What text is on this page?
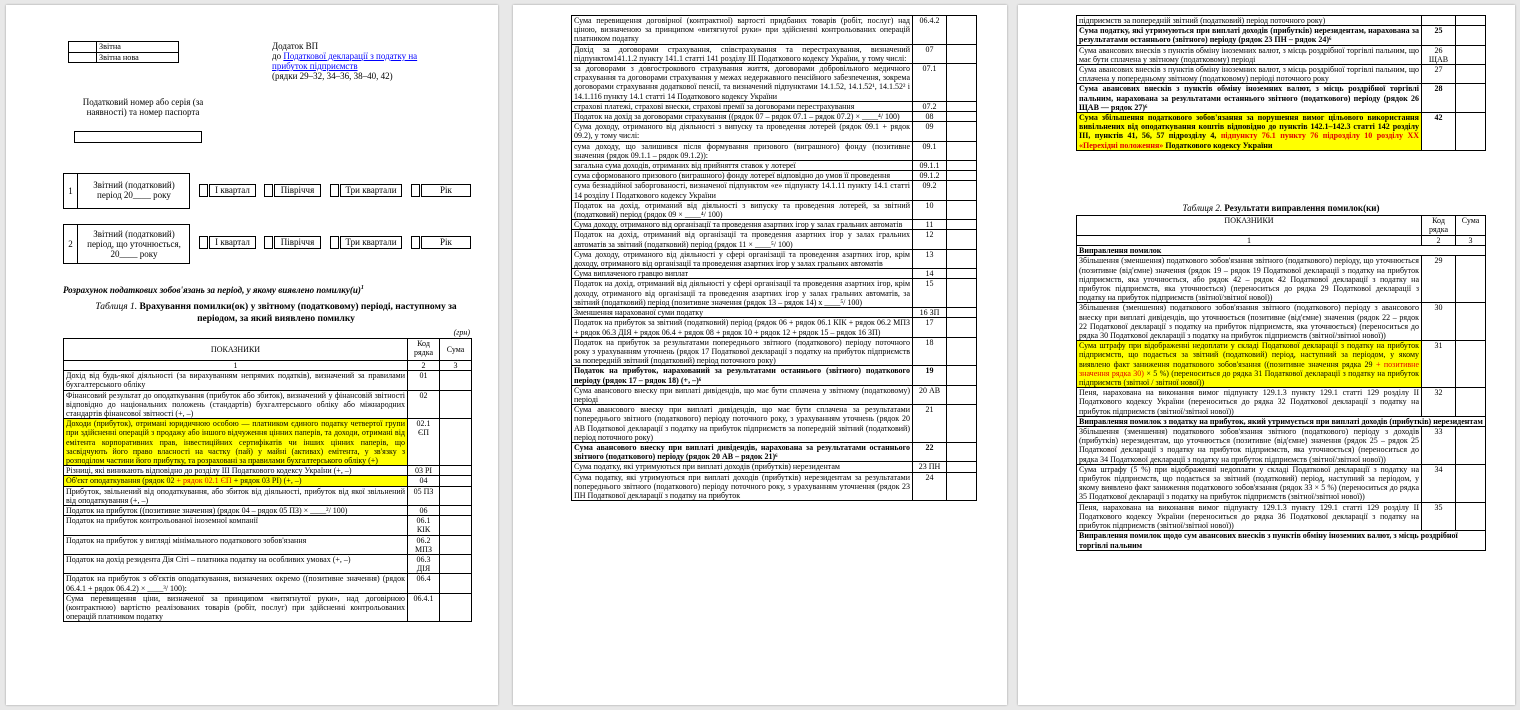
	Звітна
	Звітна нова
Додаток ВП
до Податкової декларації з податку на прибуток підприємств
(рядки 29–32, 34–36, 38–40, 42)
Податковий номер або серія (за наявності) та номер паспорта
1
Звітний (податковий) період 20____ року	І квартал	Півріччя	Три квартали	Рік
2
Звітний (податковий) період, що уточнюється, 20____ року
І квартал	Півріччя	Три квартали	Рік
Розрахунок податкових зобов'язань за період, у якому виявлено $помилку(и)^1$
Таблиця 1. Врахування помилки(ок) у звітному (податковому) періоді, наступному за періодом, за який виявлено помилку
(грн)
ПОКАЗНИКИ	Код рядка	Сума
1	2	3
Дохід від будь-якої діяльності (за вирахуванням непрямих податків), визначений за правилами бухгалтерського обліку	01	
Фінансовий результат до оподаткування (прибуток або збиток), визначений у фінансовій звітності відповідно до національних положень (стандартів) бухгалтерського обліку або міжнародних стандартів фінансової звітності (+, –)	02	
Доходи (прибуток), отримані юридичною особою — платником єдиного податку четвертої групи при здійсненні операцій з продажу або іншого відчуження цінних паперів, та доходи, отримані від емітента корпоративних прав, інвестиційних сертифікатів чи інших цінних паперів, що засвідчують його право власності на частку (пай) у майні (активах) емітента, у зв'язку з розподілом частини його прибутку, та розраховані за правилами бухгалтерського обліку (+)	02.1 ЄП	
Різниці, які виникають відповідно до розділу ІІІ Податкового кодексу України (+, –)	03 РІ	
Об'єкт оподаткування (рядок 02 + рядок 02.1 ЄП + рядок 03 РІ) (+, –)	04	
Прибуток, звільнений від оподаткування, або збиток від діяльності, прибуток від якої звільнений від оподаткування (+, –)	05 ПЗ	
Податок на прибуток ((позитивне значення) (рядок 04 – рядок 05 ПЗ) × ____²/ 100)	06	
Податок на прибуток контрольованої іноземної компанії	06.1 КІК	
Податок на прибуток у вигляді мінімального податкового зобов'язання	06.2 МПЗ	
Податок на дохід резидента Дія Сіті – платника податку на особливих умовах (+, –)	06.3 ДІЯ	
Податок на прибуток з об'єктів оподаткування, визначених окремо ((позитивне значення) (рядок 06.4.1 + рядок 06.4.2) × ____³/ 100):	06.4	
Сума перевищення ціни, визначеної за принципом «витягнутої руки», над договірною (контрактною) вартістю реалізованих товарів (робіт, послуг) при здійсненні контрольованих операцій платником податку	06.4.1	
Сума перевищення договірної (контрактної) вартості придбаних товарів (робіт, послуг) над ціною, визначеною за принципом «витягнутої руки» при здійсненні контрольованих операцій платником податку	06.4.2	
Дохід за договорами страхування, співстрахування та перестрахування, визначений підпунктом141.1.2 пункту 141.1 статті 141 розділу ІІІ Податкового кодексу України, у тому числі:	07	
за договорами з довгострокового страхування життя, договорами добровільного медичного страхування та договорами страхування у межах недержавного пенсійного забезпечення, зокрема договорами страхування додаткової пенсії, та визначений підпунктами 14.1.52, 14.1.52¹, 14.1.52² і 14.1.116 пункту 14.1 статті 14 Податкового кодексу України	07.1	
страхові платежі, страхові внески, страхові премії за договорами перестрахування	07.2	
Податок на дохід за договорами страхування ((рядок 07 – рядок 07.1 – рядок 07.2) × ____⁴/ 100)	08	
Сума доходу, отриманого від діяльності з випуску та проведення лотерей (рядок 09.1 + рядок 09.2), у тому числі:	09	
сума доходу, що залишився після формування призового (виграшного) фонду (позитивне значення (рядок 09.1.1 – рядок 09.1.2)):	09.1	
загальна сума доходів, отриманих від прийняття ставок у лотереї	09.1.1	
сума сформованого призового (виграшного) фонду лотереї відповідно до умов її проведення	09.1.2	
сума безнадійної заборгованості, визначеної підпунктом «е» підпункту 14.1.11 пункту 14.1 статті 14 розділу І Податкового кодексу України	09.2	
Податок на дохід, отриманий від діяльності з випуску та проведення лотерей, за звітний (податковий) період (рядок 09 × ____⁴/ 100)	10	
Сума доходу, отриманого від організації та проведення азартних ігор у залах гральних автоматів	11	
Податок на дохід, отриманий від організації та проведення азартних ігор у залах гральних автоматів за звітний (податковий) період (рядок 11 × ____⁵/ 100)	12	
Сума доходу, отриманого від діяльності у сфері організації та проведення азартних ігор, крім доходу, отриманого від організації та проведення азартних ігор у залах гральних автоматів	13	
Сума виплаченого гравцю виплат	14	
Податок на дохід, отриманий від діяльності у сфері організації та проведення азартних ігор, крім доходу, отриманого від організації та проведення азартних ігор у залах гральних автоматів, за звітний (податковий) період (позитивне значення (рядок 13 – рядок 14) х ____⁵/ 100)	15	
Зменшення нарахованої суми податку	16 ЗП	
Податок на прибуток за звітний (податковий) період (рядок 06 + рядок 06.1 КІК + рядок 06.2 МПЗ + рядок 06.3 ДІЯ + рядок 06.4 + рядок 08 + рядок 10 + рядок 12 + рядок 15 – рядок 16 ЗП)	17	
Податок на прибуток за результатами попереднього звітного (податкового) періоду поточного року з урахуванням уточнень (рядок 17 Податкової декларації з податку на прибуток підприємств за попередній звітний (податковий) період поточного року)	18	
Податок на прибуток, нарахований за результатами останнього (звітного) податкового періоду (рядок 17 – рядок 18) (+, –)⁶	19	
Сума авансового внеску при виплаті дивідендів, що має бути сплачена у звітному (податковому) періоді	20 АВ	
Сума авансового внеску при виплаті дивідендів, що має бути сплачена за результатами попереднього звітного (податкового) періоду поточного року, з урахуванням уточнень (рядок 20 АВ Податкової декларації з податку на прибуток підприємств за попередній звітний (податковий) період поточного року)	21	
Сума авансового внеску при виплаті дивідендів, нарахована за результатами останнього звітного (податкового) періоду (рядок 20 АВ – рядок 21)⁶	22	
Сума податку, які утримуються при виплаті доходів (прибутків) нерезидентам	23 ПН	
Сума податку, які утримуються при виплаті доходів (прибутків) нерезидентам за результатами попереднього звітного (податкового) періоду поточного року, з урахуванням уточнення (рядок 23 ПН Податкової декларації з податку на прибуток	24	
підприємств за попередній звітний (податковий) період поточного року)		
Сума податку, які утримуються при виплаті доходів (прибутків) нерезидентам, нарахована за результатами останнього (звітного) періоду (рядок 23 ПН – рядок 24)⁶	25	
Сума авансових внесків з пунктів обміну іноземних валют, з місць роздрібної торгівлі пальним, що має бути сплачена у звітному (податковому) періоді	26 ЩАВ	
Сума авансових внесків з пунктів обміну іноземних валют, з місць роздрібної торгівлі пальним, що сплачена у попередньому звітному (податковому) періоді поточного року	27	
Сума авансових внесків з пунктів обміну іноземних валют, з місць роздрібної торгівлі пальним, нарахована за результатами останнього звітного (податкового) періоду (рядок 26 ЩАВ — рядок 27)⁶	28	
Сума збільшення податкового зобов'язання за порушення вимог цільового використання вивільнених від оподаткування коштів відповідно до пунктів 142.1–142.3 статті 142 розділу ІІІ, пунктів 41, 56, 57 підрозділу 4, підпункту 76.1 пункту 76 підрозділу 10 розділу XX «Перехідні положення» Податкового кодексу України	42	
Таблиця 2. Результати виправлення помилок(ки)
ПОКАЗНИКИ	Код рядка	Сума
1	2	3
Виправлення помилок		
Збільшення (зменшення) податкового зобов'язання звітного (податкового) періоду, що уточнюється (позитивне (від'ємне) значення (рядок 19 – рядок 19 Податкової декларації з податку на прибуток підприємств, яка уточнюється, або рядок 42 – рядок 42 Податкової декларації з податку на прибуток підприємств, яка уточнюється) (переноситься до рядка 29 Податкової декларації з податку на прибуток підприємств (звітної/звітної нової))	29	
Збільшення (зменшення) податкового зобов'язання звітного (податкового) періоду з авансового внеску при виплаті дивідендів, що уточнюється (позитивне (від'ємне) значення (рядок 22 – рядок 22 Податкової декларації з податку на прибуток підприємств, яка уточнюється) (переноситься до рядка 30 Податкової декларації з податку на прибуток підприємств (звітної/звітної нової))	30	
Сума штрафу при відображенні недоплати у складі Податкової декларації з податку на прибуток підприємств, що подається за звітний (податковий) період, наступний за періодом, у якому виявлено факт заниження податкового зобов'язання ((позитивне значення рядка 29 + позитивне значення рядка 30) × 5 %) (переноситься до рядка 31 Податкової декларації з податку на прибуток підприємств (звітної / звітної нової))	31	
Пеня, нарахована на виконання вимог підпункту 129.1.3 пункту 129.1 статті 129 розділу ІІ Податкового кодексу України (переноситься до рядка 32 Податкової декларації з податку на прибуток підприємств (звітної/звітної нової))	32	
Виправлення помилок з податку на прибуток, який утримується при виплаті доходів (прибутків) нерезидентам		
Збільшення (зменшення) податкового зобов'язання звітного (податкового) періоду з доходів (прибутків) нерезидентам, що уточнюється (позитивне (від'ємне) значення (рядок 25 – рядок 25 Податкової декларації з податку на прибуток підприємств, яка уточнюється) (переноситься до рядка 34 Податкової декларації з податку на прибуток підприємств (звітної/звітної нової))	33	
Сума штрафу (5 %) при відображенні недоплати у складі Податкової декларації з податку на прибуток підприємств, що подається за звітний (податковий) період, наступний за періодом, у якому виявлено факт заниження податкового зобов'язання (рядок 33 × 5 %) (переноситься до рядка 35 Податкової декларації з податку на прибуток підприємств (звітної/звітної нової))	34	
Пеня, нарахована на виконання вимог підпункту 129.1.3 пункту 129.1 статті 129 розділу ІІ Податкового кодексу України (переноситься до рядка 36 Податкової декларації з податку на прибуток підприємств (звітної/звітної нової))	35	
Виправлення помилок щодо сум авансових внесків з пунктів обміну іноземних валют, з місць роздрібної торгівлі пальним		
